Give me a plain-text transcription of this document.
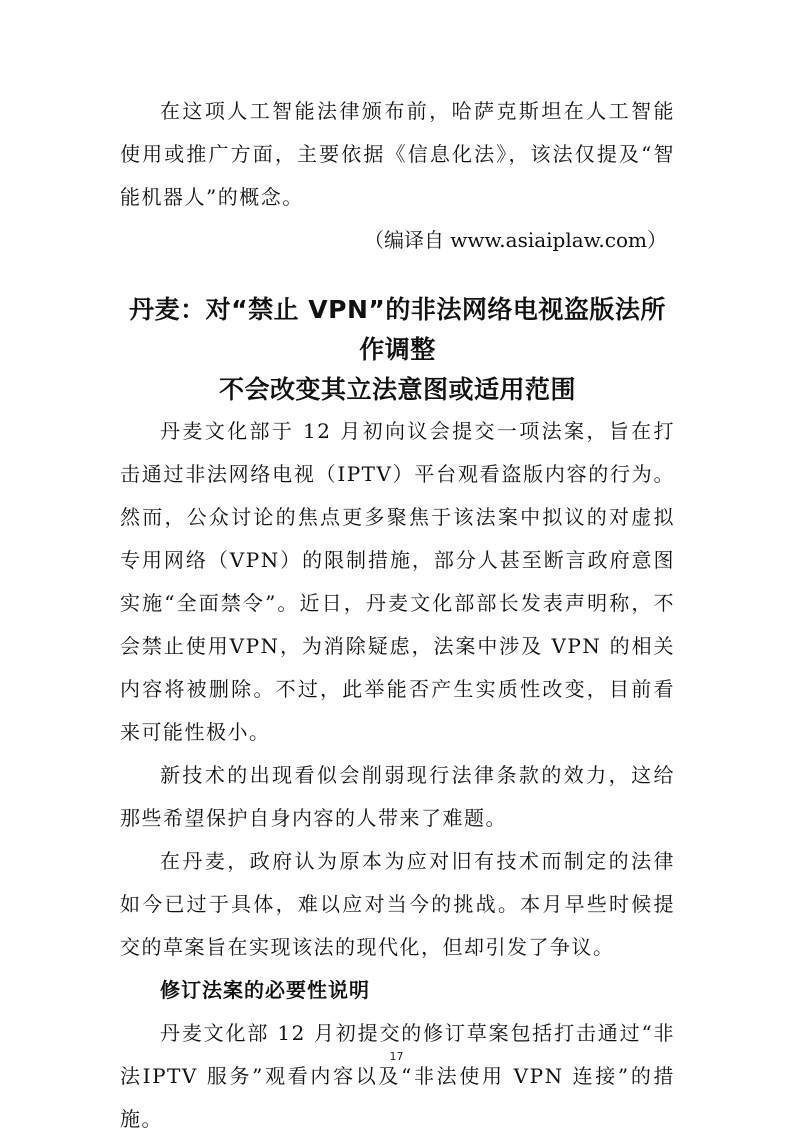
在这项人工智能法律颁布前，哈萨克斯坦在人工智能使用或推广方面，主要依据《信息化法》，该法仅提及“智能机器人”的概念。

（编译自 www.asiaiplaw.com）

丹麦：对“禁止 VPN”的非法网络电视盗版法所作调整
不会改变其立法意图或适用范围

丹麦文化部于 12 月初向议会提交一项法案，旨在打击通过非法网络电视（IPTV）平台观看盗版内容的行为。然而，公众讨论的焦点更多聚焦于该法案中拟议的对虚拟专用网络（VPN）的限制措施，部分人甚至断言政府意图实施“全面禁令”。近日，丹麦文化部部长发表声明称，不会禁止使用VPN，为消除疑虑，法案中涉及 VPN 的相关内容将被删除。不过，此举能否产生实质性改变，目前看来可能性极小。

新技术的出现看似会削弱现行法律条款的效力，这给那些希望保护自身内容的人带来了难题。

在丹麦，政府认为原本为应对旧有技术而制定的法律如今已过于具体，难以应对当今的挑战。本月早些时候提交的草案旨在实现该法的现代化，但却引发了争议。

修订法案的必要性说明

丹麦文化部 12 月初提交的修订草案包括打击通过“非法IPTV 服务”观看内容以及“非法使用 VPN 连接”的措施。

17
